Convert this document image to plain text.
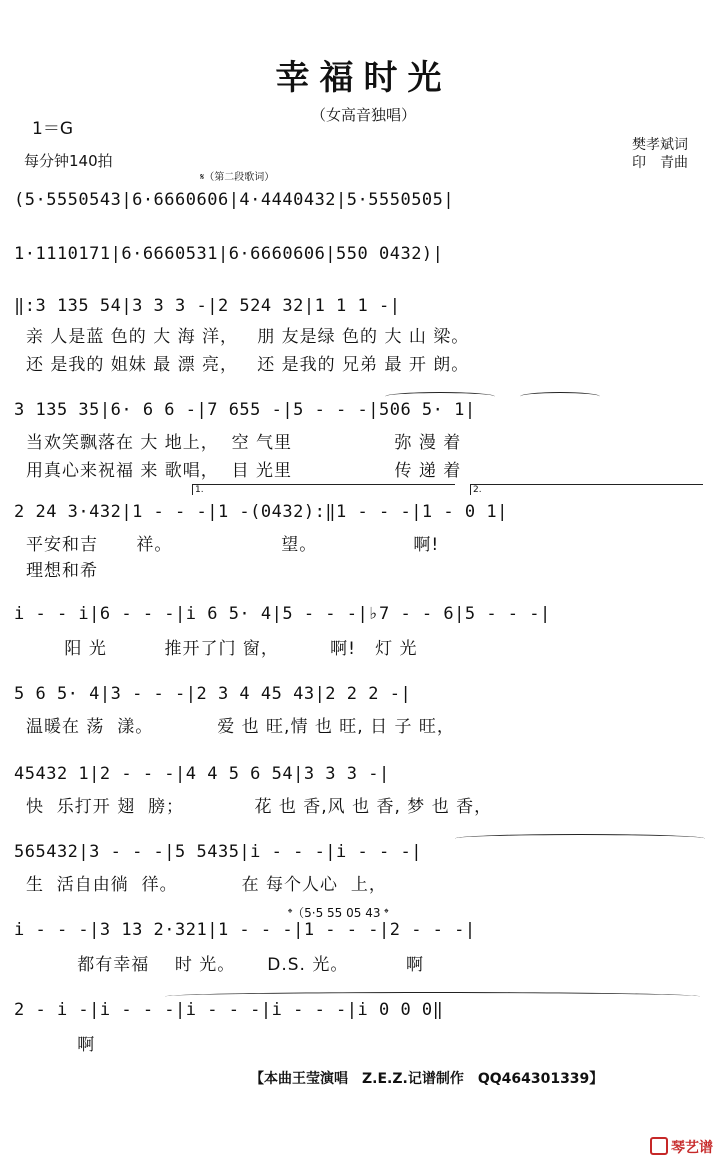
幸福时光
（女高音独唱）
1＝G
每分钟140拍
樊孝斌词
印　青曲
𝄋（第二段歌词）
(5·5550543|6·6660606|4·4440432|5·5550505|
1·1110171|6·6660531|6·6660606|550 0432)|
‖:3 135 54|3 3 3 -|2 524 32|1 1 1 -|
亲 人是蓝 色的 大 海 洋，   朋 友是绿 色的 大 山 梁。
还 是我的 姐妹 最 漂 亮，   还 是我的 兄弟 最 开 朗。
3 135 35|6· 6 6 -|7 655 -|5 - - -|506 5· 1|
当欢笑飘落在 大 地上，  空 气里                弥 漫 着
用真心来祝福 来 歌唱，  目 光里                传 递 着
1.	2.
2 24 3·432|1 - - -|1 -(0432):‖1 - - -|1 - 0 1|
平安和吉      祥。                 望。               啊!
理想和希
i - - i|6 - - -|i 6 5· 4|5 - - -|♭7 - - 6|5 - - -|
阳 光         推开了门 窗，        啊!   灯 光
5 6 5· 4|3 - - -|2 3 4 45 43|2 2 2 -|
温暖在 荡  漾。          爱 也 旺,情 也 旺, 日 子 旺，
45432 1|2 - - -|4 4 5 6 54|3 3 3 -|
快  乐打开 翅  膀；           花 也 香,风 也 香, 梦 也 香，
565432|3 - - -|5 5435|i - - -|i - - -|
生  活自由徜  徉。          在 每个人心  上，
𝄌（5·5 55 05 43 𝄌
i - - -|3 13 2·321|1 - - -|1 - - -|2 - - -|
都有幸福    时 光。     D.S. 光。         啊
2 - i -|i - - -|i - - -|i - - -|i 0 0 0‖
啊
【本曲王莹演唱　Z.E.Z.记谱制作　QQ464301339】
琴艺谱
